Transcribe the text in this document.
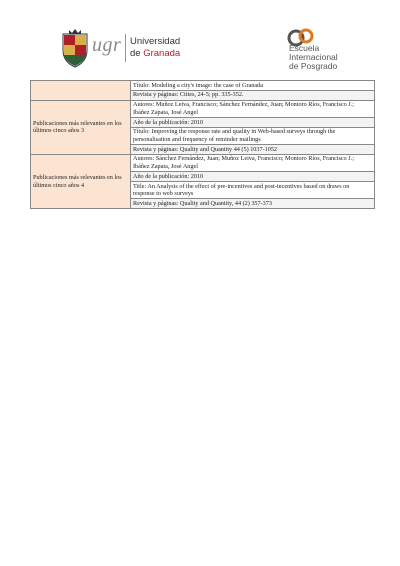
ugr Universidad
de Granada	Escuela
Internacional
de Posgrado
	Título: Modeling a city's image: the case of Granada
	Revista y páginas: Cities, 24-5; pp. 335-352.
Publicaciones más relevantes en los últimos cinco años 3	Autores: Muñoz Leiva, Francisco; Sánchez Fernández, Juan; Montoro Ríos, Francisco J.; Ibáñez Zapata, José Angel
	Año de la publicación: 2010
	Título: Improving the response rate and quality in Web-based surveys through the personalisation and frequency of reminder mailings
	Revista y páginas: Quality and Quantity 44 (5) 1037-1052
Publicaciones más relevantes en los últimos cinco años 4	Autores: Sánchez Fernández, Juan; Muñoz Leiva, Francisco; Montoro Ríos, Francisco J.; Ibáñez Zapata, José Angel
	Año de la publicación: 2010
	Title: An Analysis of the effect of pre-incentives and post-incentives based on draws on response to web surveys
	Revista y páginas: Quality and Quantity, 44 (2) 357-373
